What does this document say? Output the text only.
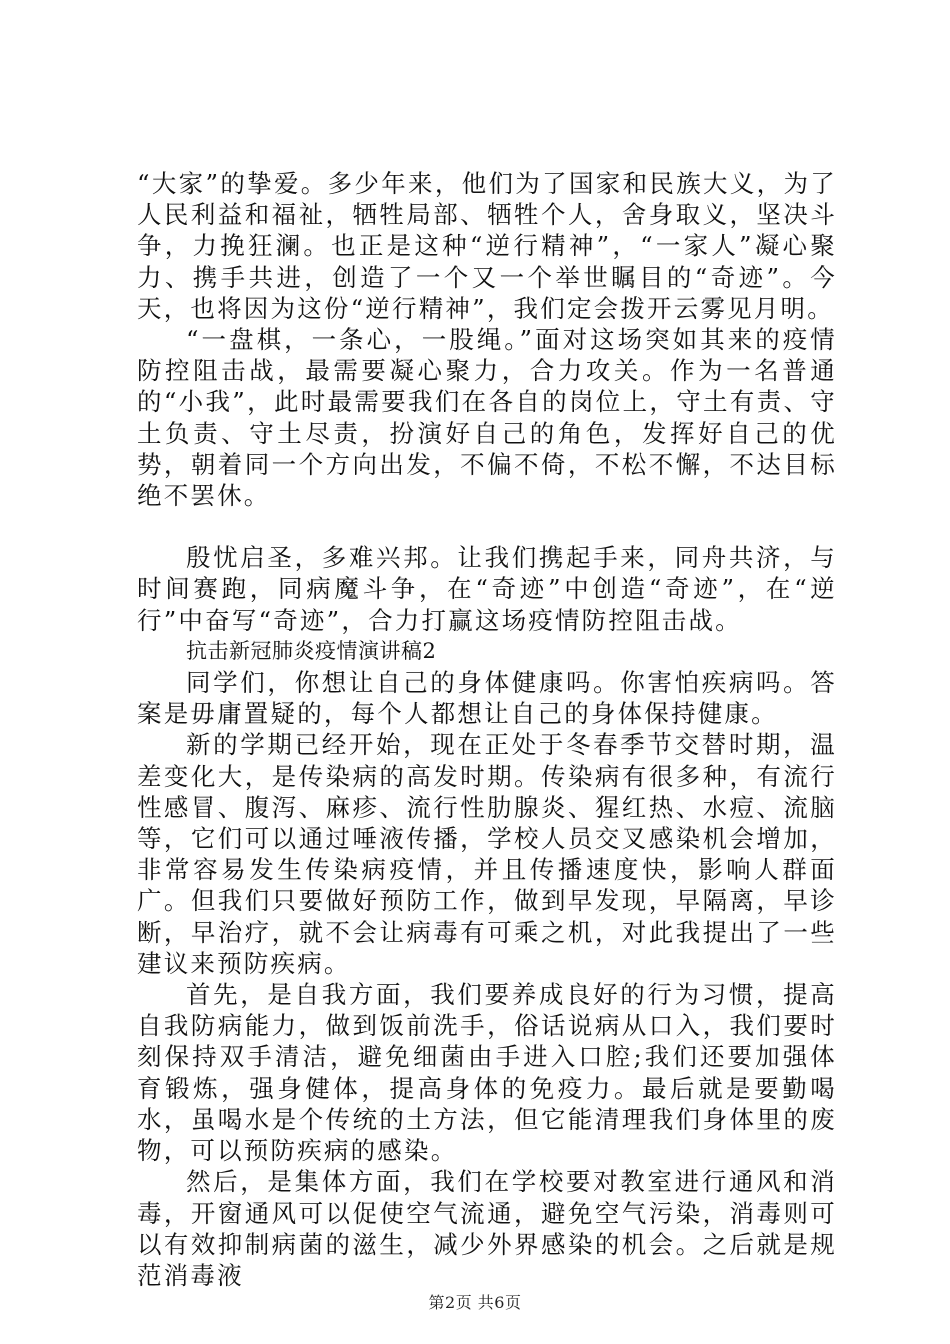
“大家”的挚爱。多少年来，他们为了国家和民族大义，为了人民利益和福祉，牺牲局部、牺牲个人，舍身取义，坚决斗争，力挽狂澜。也正是这种“逆行精神”，“一家人”凝心聚力、携手共进，创造了一个又一个举世瞩目的“奇迹”。今天，也将因为这份“逆行精神”，我们定会拨开云雾见月明。

“一盘棋，一条心，一股绳。”面对这场突如其来的疫情防控阻击战，最需要凝心聚力，合力攻关。作为一名普通的“小我”，此时最需要我们在各自的岗位上，守土有责、守土负责、守土尽责，扮演好自己的角色，发挥好自己的优势，朝着同一个方向出发，不偏不倚，不松不懈，不达目标绝不罢休。

殷忧启圣，多难兴邦。让我们携起手来，同舟共济，与时间赛跑，同病魔斗争，在“奇迹”中创造“奇迹”，在“逆行”中奋写“奇迹”，合力打赢这场疫情防控阻击战。

抗击新冠肺炎疫情演讲稿2

同学们，你想让自己的身体健康吗。你害怕疾病吗。答案是毋庸置疑的，每个人都想让自己的身体保持健康。

新的学期已经开始，现在正处于冬春季节交替时期，温差变化大，是传染病的高发时期。传染病有很多种，有流行性感冒、腹泻、麻疹、流行性肋腺炎、猩红热、水痘、流脑等，它们可以通过唾液传播，学校人员交叉感染机会增加，非常容易发生传染病疫情，并且传播速度快，影响人群面广。但我们只要做好预防工作，做到早发现，早隔离，早诊断，早治疗，就不会让病毒有可乘之机，对此我提出了一些建议来预防疾病。

首先，是自我方面，我们要养成良好的行为习惯，提高自我防病能力，做到饭前洗手，俗话说病从口入，我们要时刻保持双手清洁，避免细菌由手进入口腔;我们还要加强体育锻炼，强身健体，提高身体的免疫力。最后就是要勤喝水，虽喝水是个传统的土方法，但它能清理我们身体里的废物，可以预防疾病的感染。

然后，是集体方面，我们在学校要对教室进行通风和消毒，开窗通风可以促使空气流通，避免空气污染，消毒则可以有效抑制病菌的滋生，减少外界感染的机会。之后就是规范消毒液

第2页 共6页
